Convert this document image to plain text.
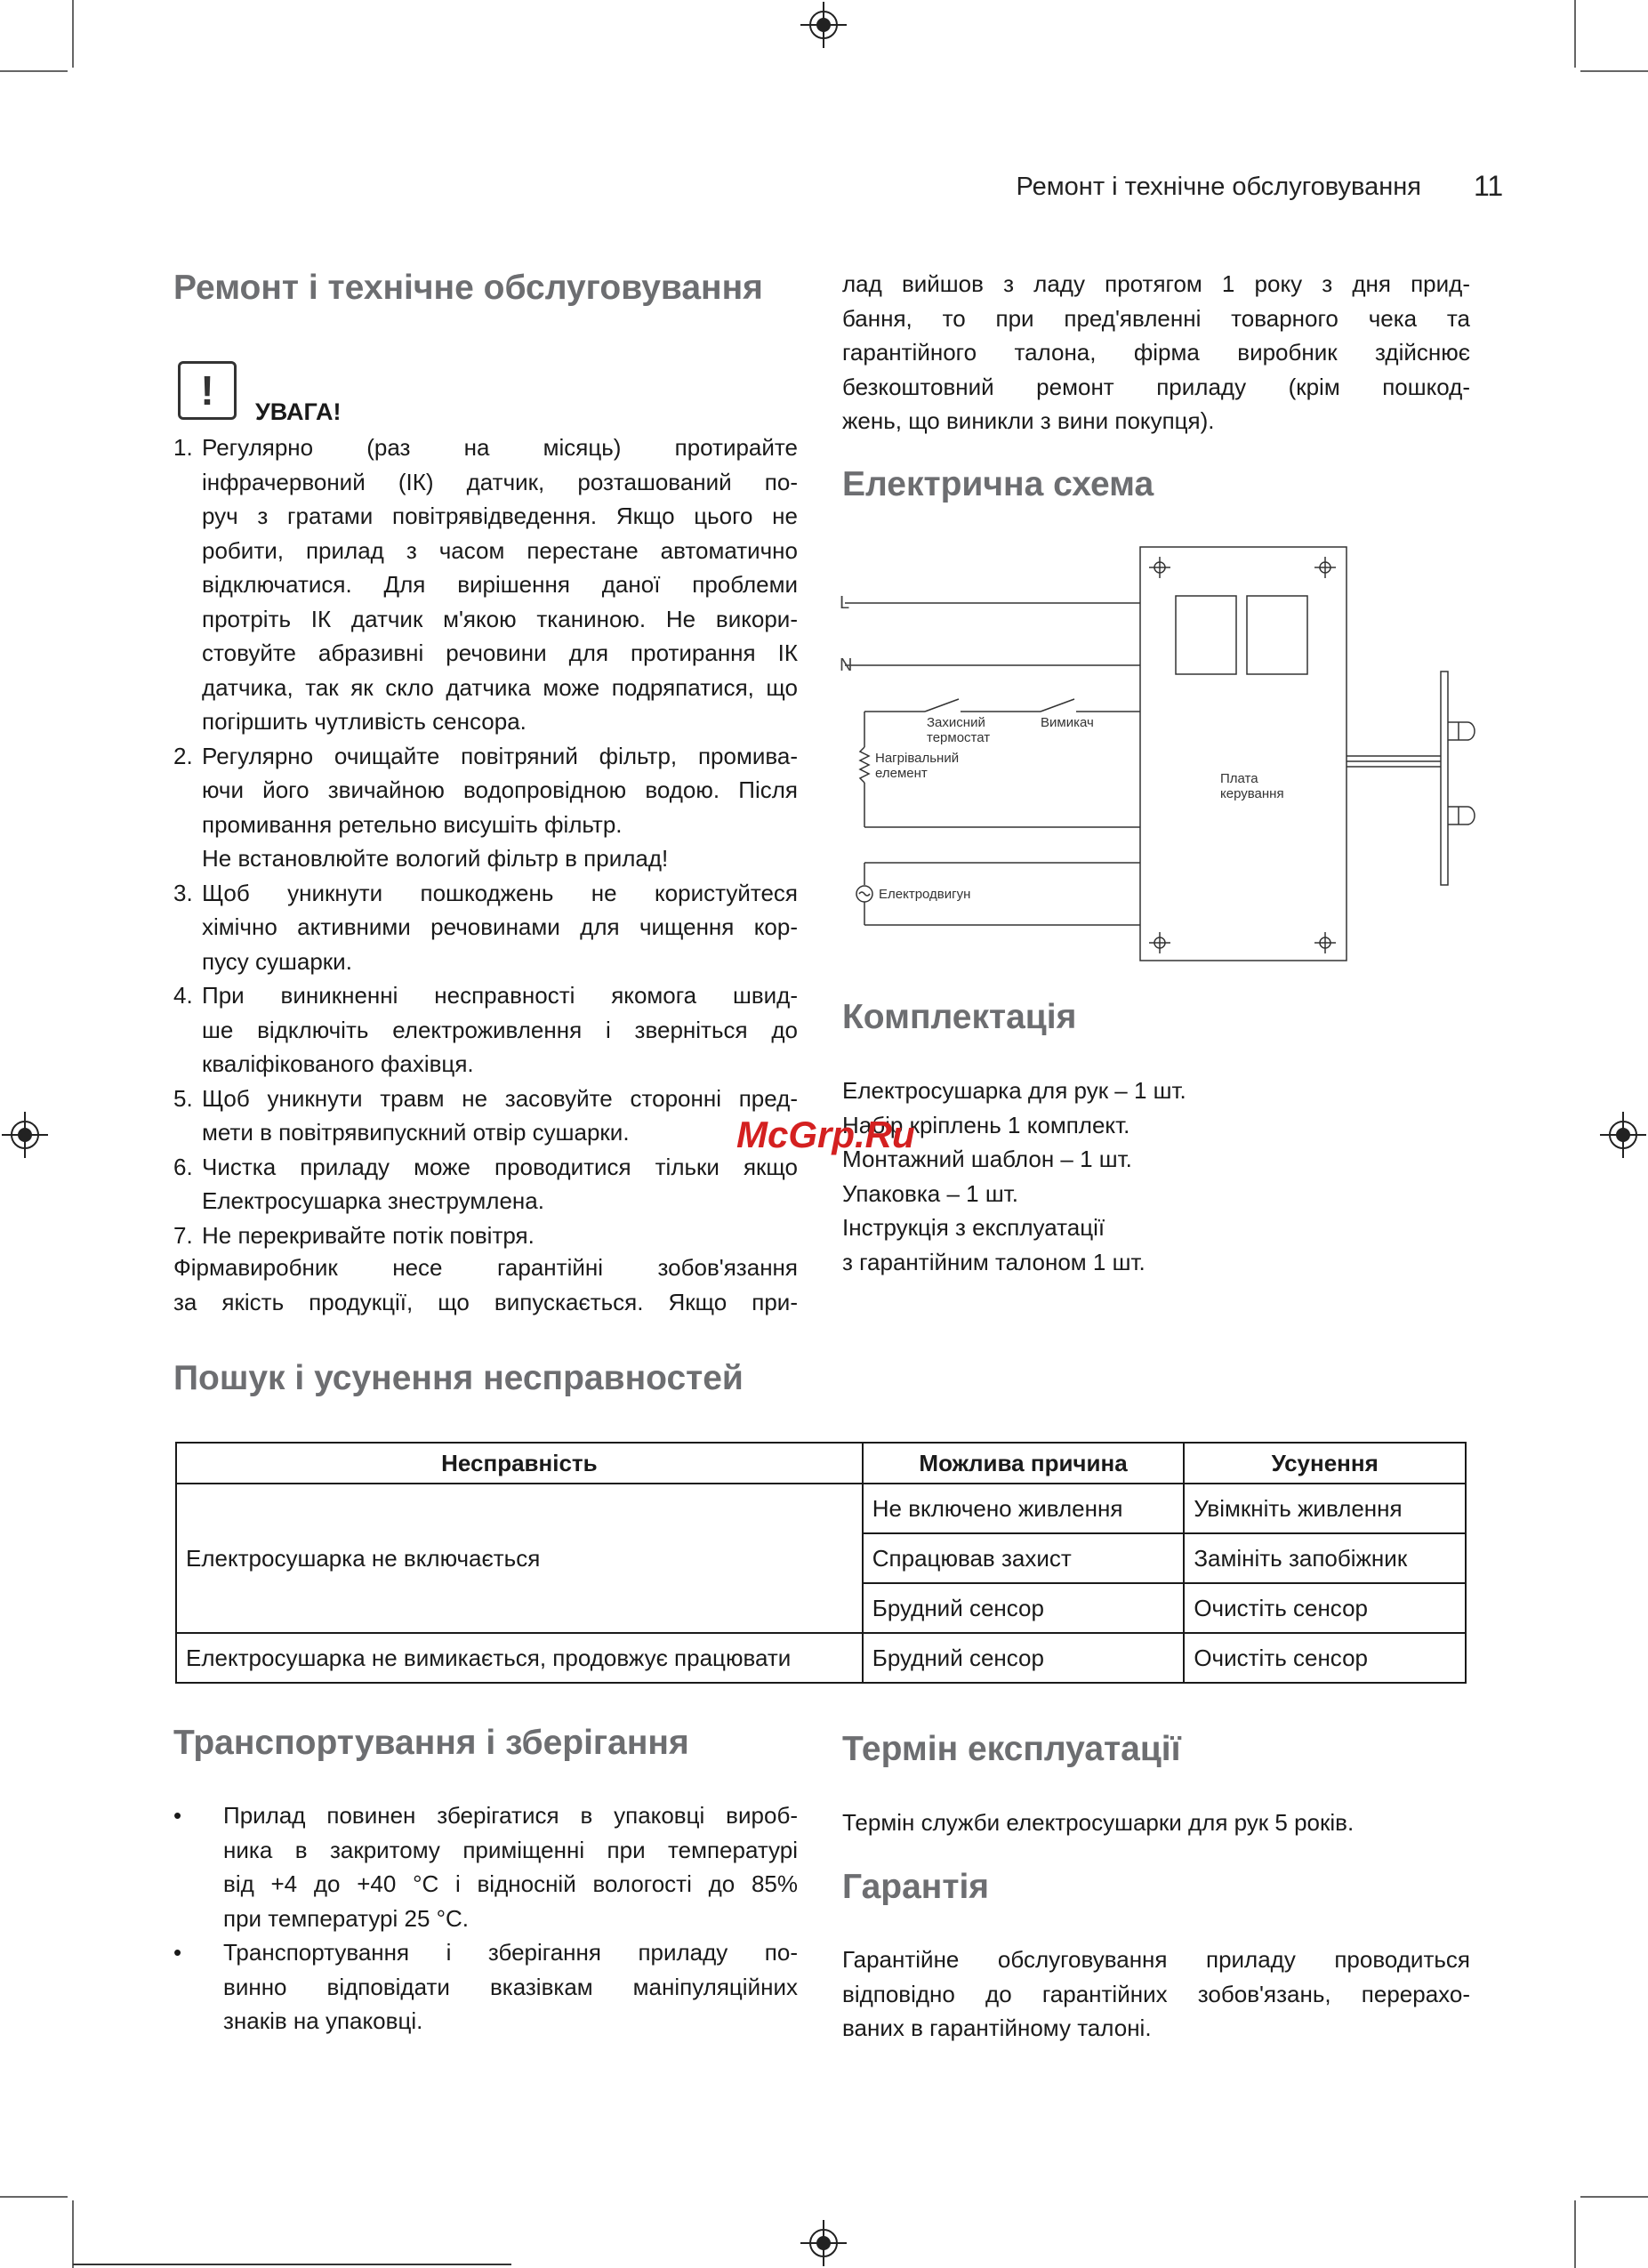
Ремонт і технічне обслуговування 11
Ремонт і технічне обслуговування
!	УВАГА!
1. Регулярно (раз на місяць) протирайте
інфрачервоний (ІК) датчик, розташований по-
руч з гратами повітрявідведення. Якщо цього не
робити, прилад з часом перестане автоматично
відключатися. Для вирішення даної проблеми
протріть ІК датчик м'якою тканиною. Не викори-
стовуйте абразивні речовини для протирання ІК
датчика, так як скло датчика може подряпатися, що
погіршить чутливість сенсора.
2. Регулярно очищайте повітряний фільтр, промива-
ючи його звичайною водопровідною водою. Після
промивання ретельно висушіть фільтр.
Не встановлюйте вологий фільтр в прилад!
3. Щоб уникнути пошкоджень не користуйтеся
хімічно активними речовинами для чищення кор-
пусу сушарки.
4. При виникненні несправності якомога швид-
ше відключіть електроживлення і зверніться до
кваліфікованого фахівця.
5. Щоб уникнути травм не засовуйте сторонні пред-
мети в повітрявипускний отвір сушарки.
6. Чистка приладу може проводитися тільки якщо
Електросушарка знеструмлена.
7. Не перекривайте потік повітря.
Фірмавиробник несе гарантійні зобов'язання
за якість продукції, що випускається. Якщо при-
лад вийшов з ладу протягом 1 року з дня прид-
бання, то при пред'явленні товарного чека та
гарантійного талона, фірма виробник здійснює
безкоштовний ремонт приладу (крім пошкод-
жень, що виникли з вини покупця).
Електрична схема
L
N
Захисний термостат
Вимикач
Нагрівальний елемент	Плата керування
Електродвигун
Комплектація
Електросушарка для рук – 1 шт.
Набір кріплень 1 комплект.
Монтажний шаблон – 1 шт.
Упаковка – 1 шт.
Інструкція з експлуатації
з гарантійним талоном 1 шт.
McGrp.Ru
Пошук і усунення несправностей
Несправність	Можлива причина	Усунення
Електросушарка не включається	Не включено живлення	Увімкніть живлення
	Спрацював захист	Замініть запобіжник
	Брудний сенсор	Очистіть сенсор
Електросушарка не вимикається, продовжує працювати	Брудний сенсор	Очистіть сенсор
Транспортування і зберігання
• Прилад повинен зберігатися в упаковці вироб-
ника в закритому приміщенні при температурі
від +4 до +40 °С і відносній вологості до 85%
при температурі 25 °С.
• Транспортування і зберігання приладу по-
винно відповідати вказівкам маніпуляційних
знаків на упаковці.
Термін експлуатації
Термін служби електросушарки для рук 5 років.
Гарантія
Гарантійне обслуговування приладу проводиться
відповідно до гарантійних зобов'язань, перерахо-
ваних в гарантійному талоні.
